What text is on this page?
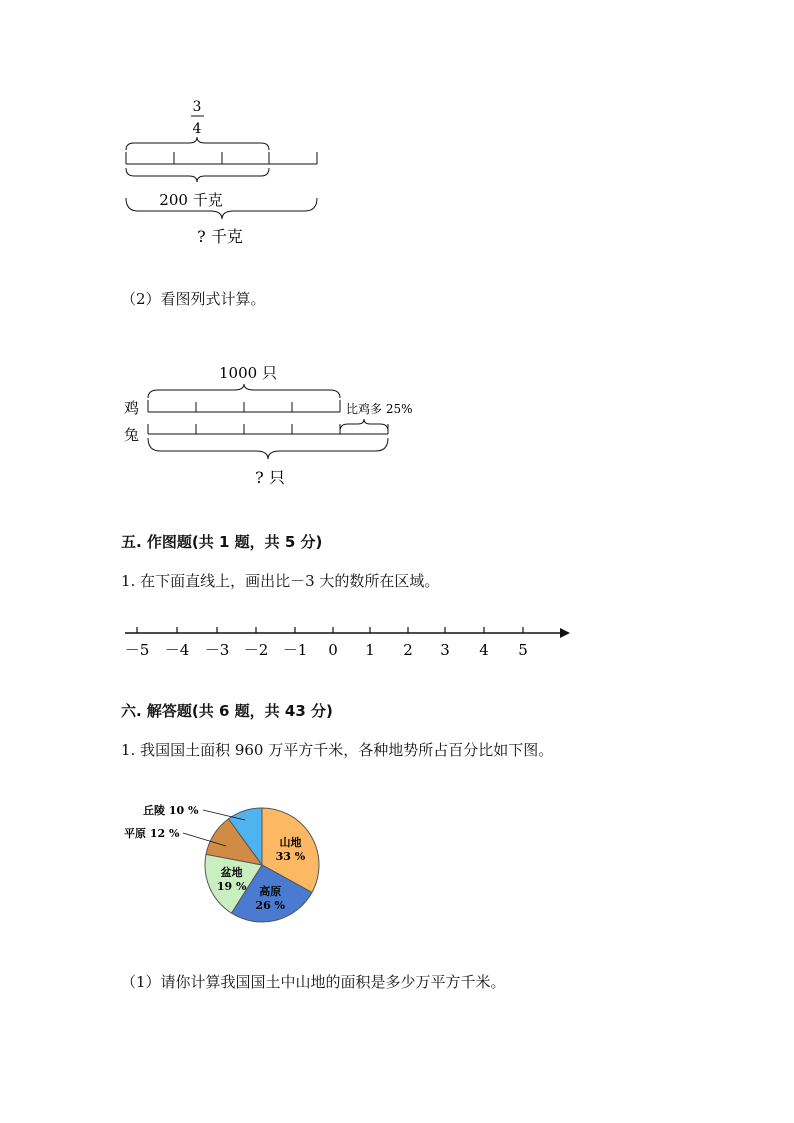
3
4
200 千克
? 千克
（2）看图列式计算。
1000 只
鸡
兔
比鸡多 25%
? 只
五. 作图题(共 1 题，共 5 分)
1. 在下面直线上，画出比－3 大的数所在区域。
－5 －4 －3 －2 －1 0 1 2 3 4 5
六. 解答题(共 6 题，共 43 分)
1. 我国国土面积 960 万平方千米，各种地势所占百分比如下图。
山地
33 %
高原
26 %
盆地
19 %
丘陵 10 %
平原 12 %
（1）请你计算我国国土中山地的面积是多少万平方千米。
